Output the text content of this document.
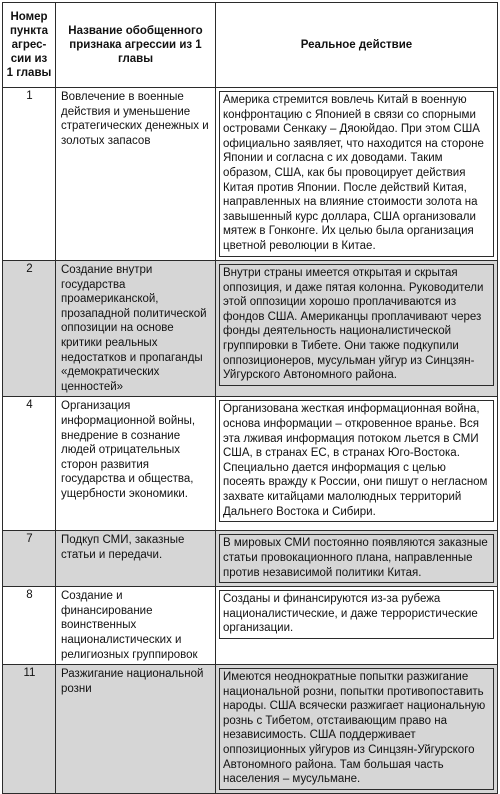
Номер
пункта
агрес-
сии из
1 главы	Название обобщенного признака агрессии из 1 главы	Реальное действие

1	Вовлечение в военные действия и уменьшение стратегических денежных и золотых запасов	Америка стремится вовлечь Китай в военную конфронтацию с Японией в связи со спорными островами Сенкаку – Дяоюйдао. При этом США официально заявляет, что находится на стороне Японии и согласна с их доводами. Таким образом, США, как бы провоцирует действия Китая против Японии. После действий Китая, направленных на влияние стоимости золота на завышенный курс доллара, США организовали мятеж в Гонконге. Их целью была организация цветной революции в Китае.

2	Создание внутри государства проамериканской, прозападной политической оппозиции на основе критики реальных недостатков и пропаганды «демократических ценностей»	Внутри страны имеется открытая и скрытая оппозиция, и даже пятая колонна. Руководители этой оппозиции хорошо проплачиваются из фондов США. Американцы проплачивают через фонды деятельность националистической группировки в Тибете. Они также подкупили оппозиционеров, мусульман уйгур из Синцзян-Уйгурского Автономного района.

4	Организация информационной войны, внедрение в сознание людей отрицательных сторон развития государства и общества, ущербности экономики.	Организована жесткая информационная война, основа информации – откровенное вранье. Вся эта лживая информация потоком льется в СМИ США, в странах ЕС, в странах Юго-Востока. Специально дается информация с целью посеять вражду к России, они пишут о негласном захвате китайцами малолюдных территорий Дальнего Востока и Сибири.

7	Подкуп СМИ, заказные статьи и передачи.	В мировых СМИ постоянно появляются заказные статьи провокационного плана, направленные против независимой политики Китая.

8	Создание и финансирование воинственных националистических и религиозных группировок	Созданы и финансируются из-за рубежа националистические, и даже террористические организации.

11	Разжигание национальной розни	Имеются неоднократные попытки разжигание национальной розни, попытки противопоставить народы. США всячески разжигает национальную рознь с Тибетом, отстаивающим право на независимость. США поддерживает оппозиционных уйгуров из Синцзян-Уйгурского Автономного района. Там большая часть населения – мусульмане.
